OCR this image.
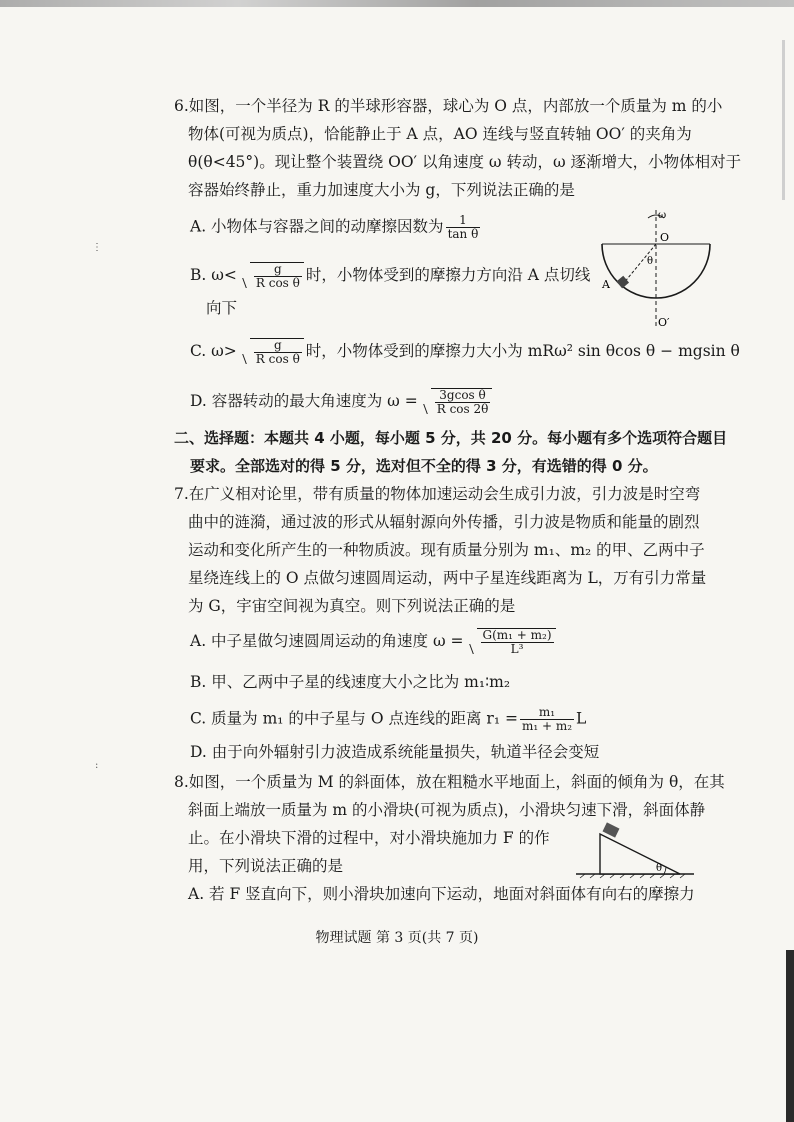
⋮
:
6.如图，一个半径为 R 的半球形容器，球心为 O 点，内部放一个质量为 m 的小
物体(可视为质点)，恰能静止于 A 点，AO 连线与竖直转轴 OO′ 的夹角为
θ(θ<45°)。现让整个装置绕 OO′ 以角速度 ω 转动，ω 逐渐增大，小物体相对于
容器始终静止，重力加速度大小为 g，下列说法正确的是
A. 小物体与容器之间的动摩擦因数为 $\frac{1}{\text{tan θ}}$
B. $\omega< \frac{g}{\text{R cos θ}}$ 时，小物体受到的摩擦力方向沿 A 点切线
向下
C. $\omega> \frac{g}{\text{R cos θ}}$ 时，小物体受到的摩擦力大小为 mRω² sin θcos θ − mgsin θ
D. 容器转动的最大角速度为 $\omega = \frac{\text{3gcos θ}}{\text{R cos 2θ}}$
ω
O
θ
A
O′
二、选择题：本题共 4 小题，每小题 5 分，共 20 分。每小题有多个选项符合题目
要求。全部选对的得 5 分，选对但不全的得 3 分，有选错的得 0 分。
7.在广义相对论里，带有质量的物体加速运动会生成引力波，引力波是时空弯
曲中的涟漪，通过波的形式从辐射源向外传播，引力波是物质和能量的剧烈
运动和变化所产生的一种物质波。现有质量分别为 m₁、m₂ 的甲、乙两中子
星绕连线上的 O 点做匀速圆周运动，两中子星连线距离为 L，万有引力常量
为 G，宇宙空间视为真空。则下列说法正确的是
A. 中子星做匀速圆周运动的角速度 $\omega = \frac{\text{G(m₁ + m₂)}}{\text{L³}}$
B. 甲、乙两中子星的线速度大小之比为 m₁∶m₂
C. 质量为 m₁ 的中子星与 O 点连线的距离 $r_1 = \frac{\text{m₁}}{\text{m₁ + m₂}}$ L
D. 由于向外辐射引力波造成系统能量损失，轨道半径会变短
8.如图，一个质量为 M 的斜面体，放在粗糙水平地面上，斜面的倾角为 θ，在其
斜面上端放一质量为 m 的小滑块(可视为质点)，小滑块匀速下滑，斜面体静
止。在小滑块下滑的过程中，对小滑块施加力 F 的作
用，下列说法正确的是
A. 若 F 竖直向下，则小滑块加速向下运动，地面对斜面体有向右的摩擦力
θ
物理试题 第 3 页(共 7 页)
